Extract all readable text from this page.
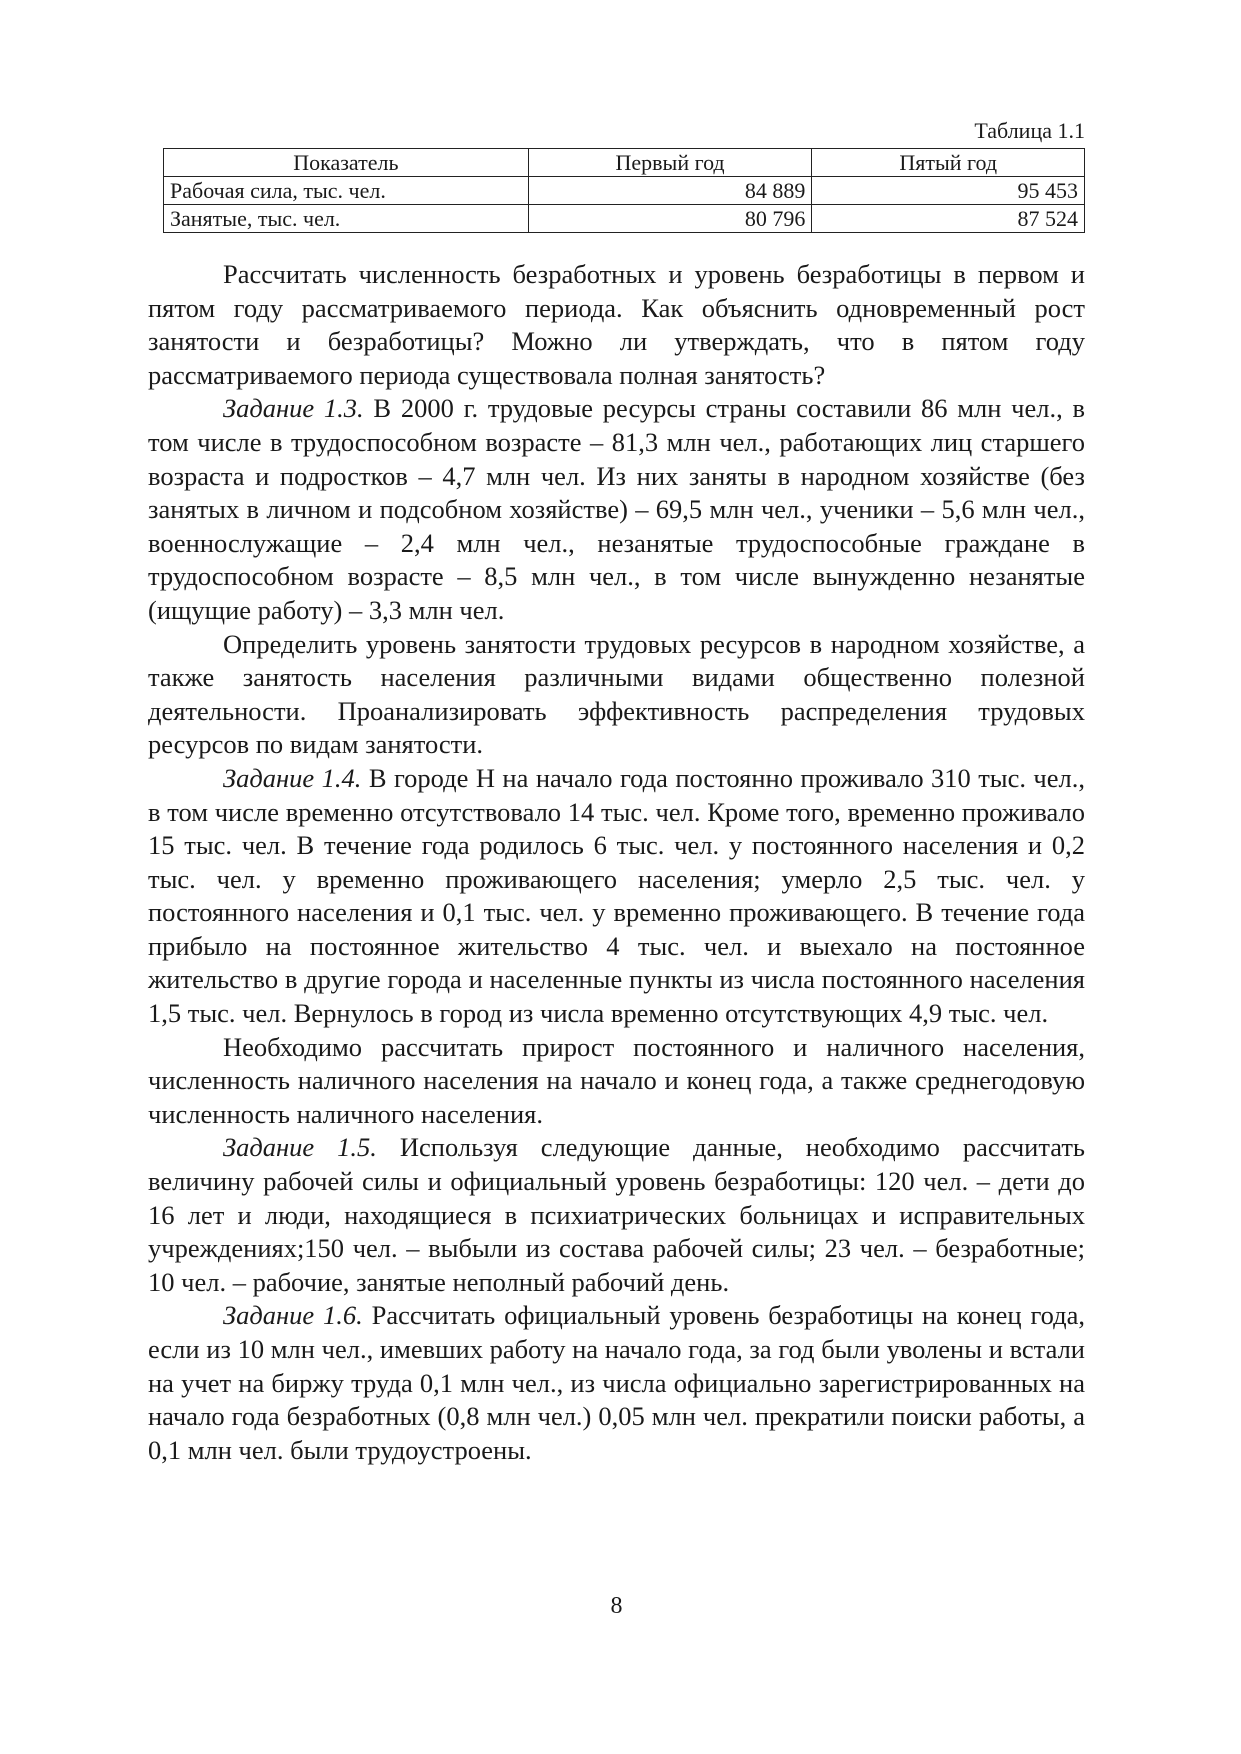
Таблица 1.1
Показатель	Первый год	Пятый год
Рабочая сила, тыс. чел.	84 889	95 453
Занятые, тыс. чел.	80 796	87 524

Рассчитать численность безработных и уровень безработицы в первом и пятом году рассматриваемого периода. Как объяснить одновременный рост занятости и безработицы? Можно ли утверждать, что в пятом году рассматриваемого периода существовала полная занятость?

Задание 1.3. В 2000 г. трудовые ресурсы страны составили 86 млн чел., в том числе в трудоспособном возрасте – 81,3 млн чел., работающих лиц старшего возраста и подростков – 4,7 млн чел. Из них заняты в народном хозяйстве (без занятых в личном и подсобном хозяйстве) – 69,5 млн чел., ученики – 5,6 млн чел., военнослужащие – 2,4 млн чел., незанятые трудоспособные граждане в трудоспособном возрасте – 8,5 млн чел., в том числе вынужденно незанятые (ищущие работу) – 3,3 млн чел.

Определить уровень занятости трудовых ресурсов в народном хозяйстве, а также занятость населения различными видами общественно полезной деятельности. Проанализировать эффективность распределения трудовых ресурсов по видам занятости.

Задание 1.4. В городе Н на начало года постоянно проживало 310 тыс. чел., в том числе временно отсутствовало 14 тыс. чел. Кроме того, временно проживало 15 тыс. чел. В течение года родилось 6 тыс. чел. у постоянного населения и 0,2 тыс. чел. у временно проживающего населения; умерло 2,5 тыс. чел. у постоянного населения и 0,1 тыс. чел. у временно проживающего. В течение года прибыло на постоянное жительство 4 тыс. чел. и выехало на постоянное жительство в другие города и населенные пункты из числа постоянного населения 1,5 тыс. чел. Вернулось в город из числа временно отсутствующих 4,9 тыс. чел.

Необходимо рассчитать прирост постоянного и наличного населения, численность наличного населения на начало и конец года, а также среднегодовую численность наличного населения.

Задание 1.5. Используя следующие данные, необходимо рассчитать величину рабочей силы и официальный уровень безработицы: 120 чел. – дети до 16 лет и люди, находящиеся в психиатрических больницах и исправительных учреждениях;150 чел. – выбыли из состава рабочей силы; 23 чел. – безработные; 10 чел. – рабочие, занятые неполный рабочий день.

Задание 1.6. Рассчитать официальный уровень безработицы на конец года, если из 10 млн чел., имевших работу на начало года, за год были уволены и встали на учет на биржу труда 0,1 млн чел., из числа официально зарегистрированных на начало года безработных (0,8 млн чел.) 0,05 млн чел. прекратили поиски работы, а 0,1 млн чел. были трудоустроены.

8
